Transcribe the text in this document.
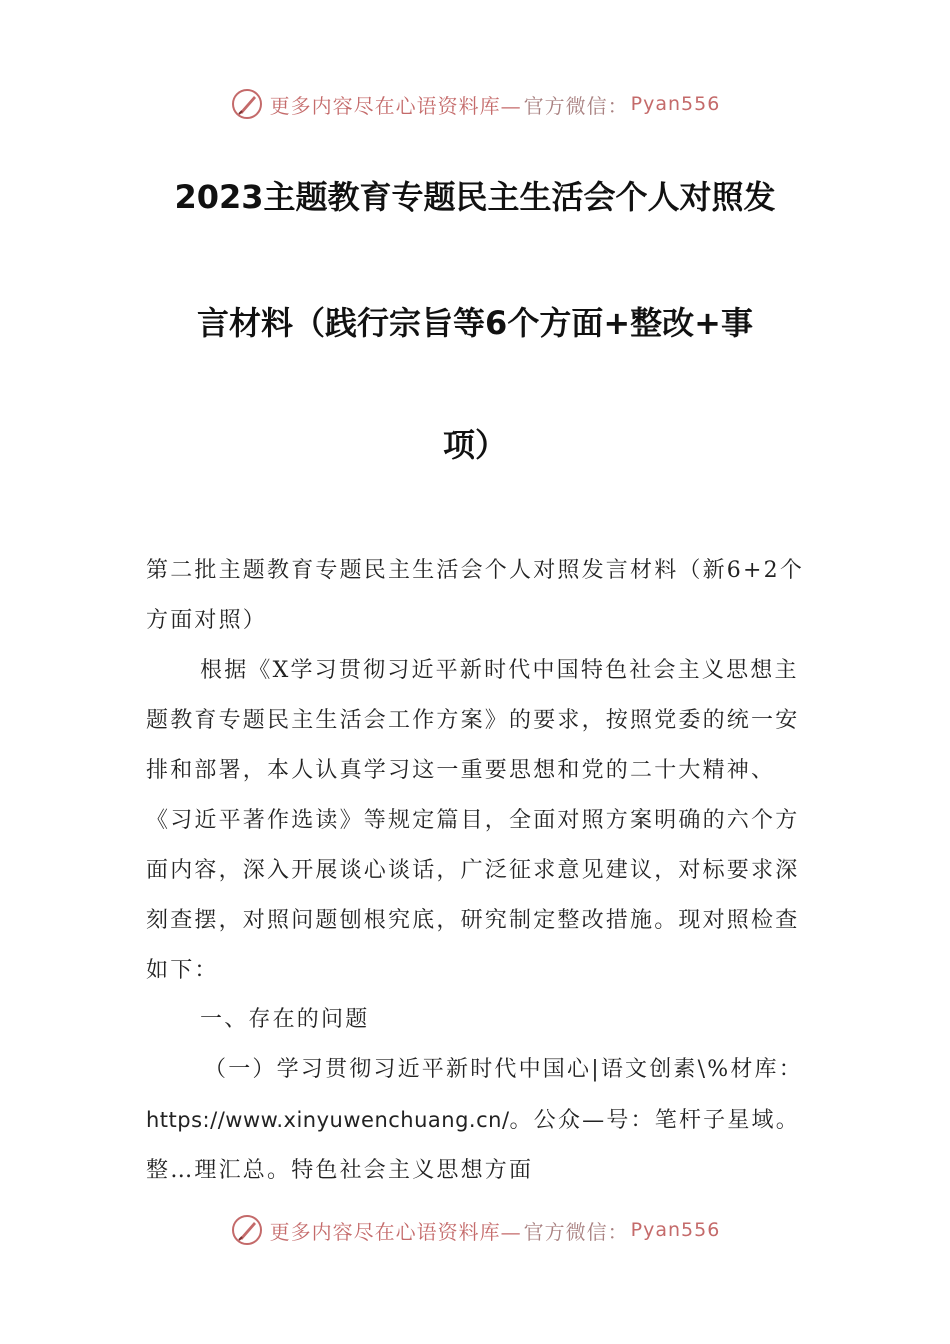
更多内容尽在心语资料库— 官方微信： Pyan556
2023主题教育专题民主生活会个人对照发
言材料（践行宗旨等6个方面+整改+事
项）

第二批主题教育专题民主生活会个人对照发言材料（新6+2个方面对照）

根据《X学习贯彻习近平新时代中国特色社会主义思想主题教育专题民主生活会工作方案》的要求，按照党委的统一安排和部署，本人认真学习这一重要思想和党的二十大精神、《习近平著作选读》等规定篇目，全面对照方案明确的六个方面内容，深入开展谈心谈话，广泛征求意见建议，对标要求深刻查摆，对照问题刨根究底，研究制定整改措施。现对照检查如下：

一、存在的问题

（一）学习贯彻习近平新时代中国心|语文创素\%材库：https://www.xinyuwenchuang.cn/。公众—号：笔杆子星域。整…理汇总。特色社会主义思想方面

更多内容尽在心语资料库— 官方微信： Pyan556
